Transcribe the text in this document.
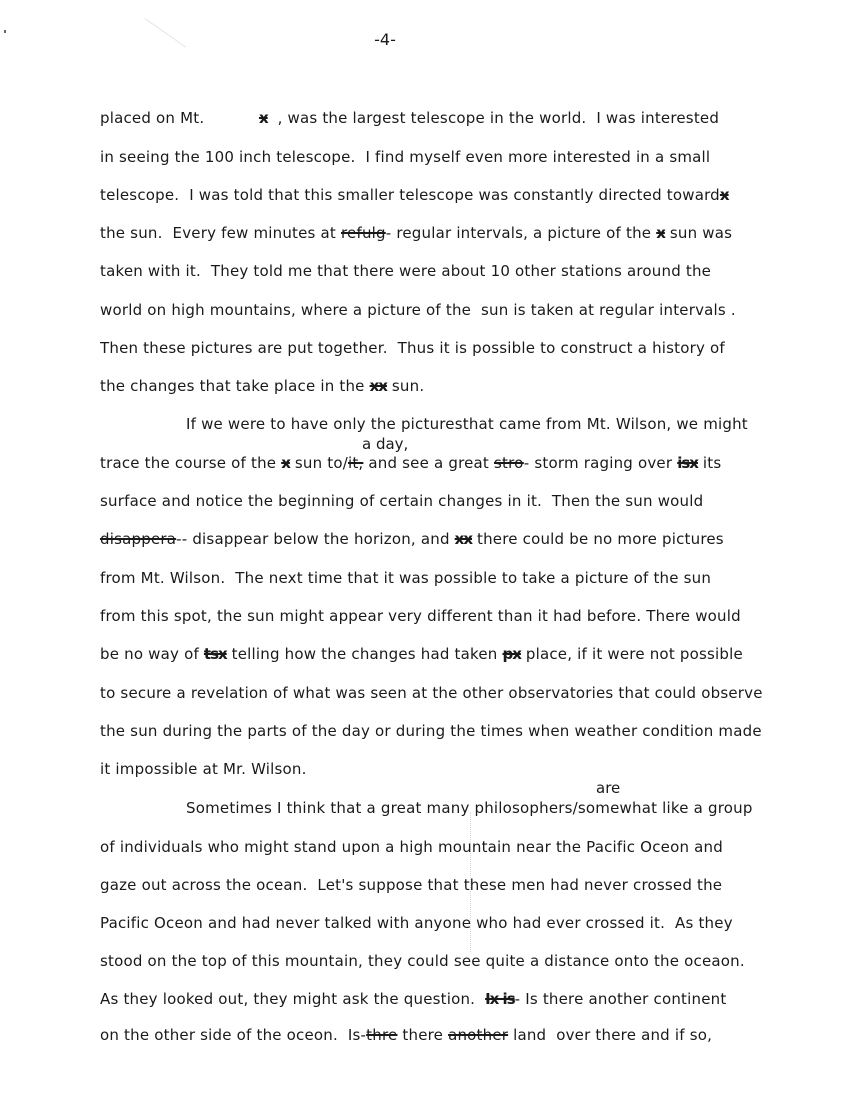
-4-
placed on Mt.           x  , was the largest telescope in the world.  I was interested
in seeing the 100 inch telescope.  I find myself even more interested in a small
telescope.  I was told that this smaller telescope was constantly directed towardx
the sun.  Every few minutes at refulg- regular intervals, a picture of the x sun was
taken with it.  They told me that there were about 10 other stations around the
world on high mountains, where a picture of the  sun is taken at regular intervals .
Then these pictures are put together.  Thus it is possible to construct a history of
the changes that take place in the xx sun.
If we were to have only the picturesthat came from Mt. Wilson, we might
a day,
trace the course of the x sun to/it, and see a great stro- storm raging over isx its
surface and notice the beginning of certain changes in it.  Then the sun would
disappera-- disappear below the horizon, and xx there could be no more pictures
from Mt. Wilson.  The next time that it was possible to take a picture of the sun
from this spot, the sun might appear very different than it had before. There would
be no way of tsx telling how the changes had taken px place, if it were not possible
to secure a revelation of what was seen at the other observatories that could observe
the sun during the parts of the day or during the times when weather condition made
it impossible at Mr. Wilson.
are
Sometimes I think that a great many philosophers/somewhat like a group
of individuals who might stand upon a high mountain near the Pacific Oceon and
gaze out across the ocean.  Let's suppose that these men had never crossed the
Pacific Oceon and had never talked with anyone who had ever crossed it.  As they
stood on the top of this mountain, they could see quite a distance onto the oceaon.
As they looked out, they might ask the question.  Ix is- Is there another continent
on the other side of the oceon.  Is-thre there another land  over there and if so,
